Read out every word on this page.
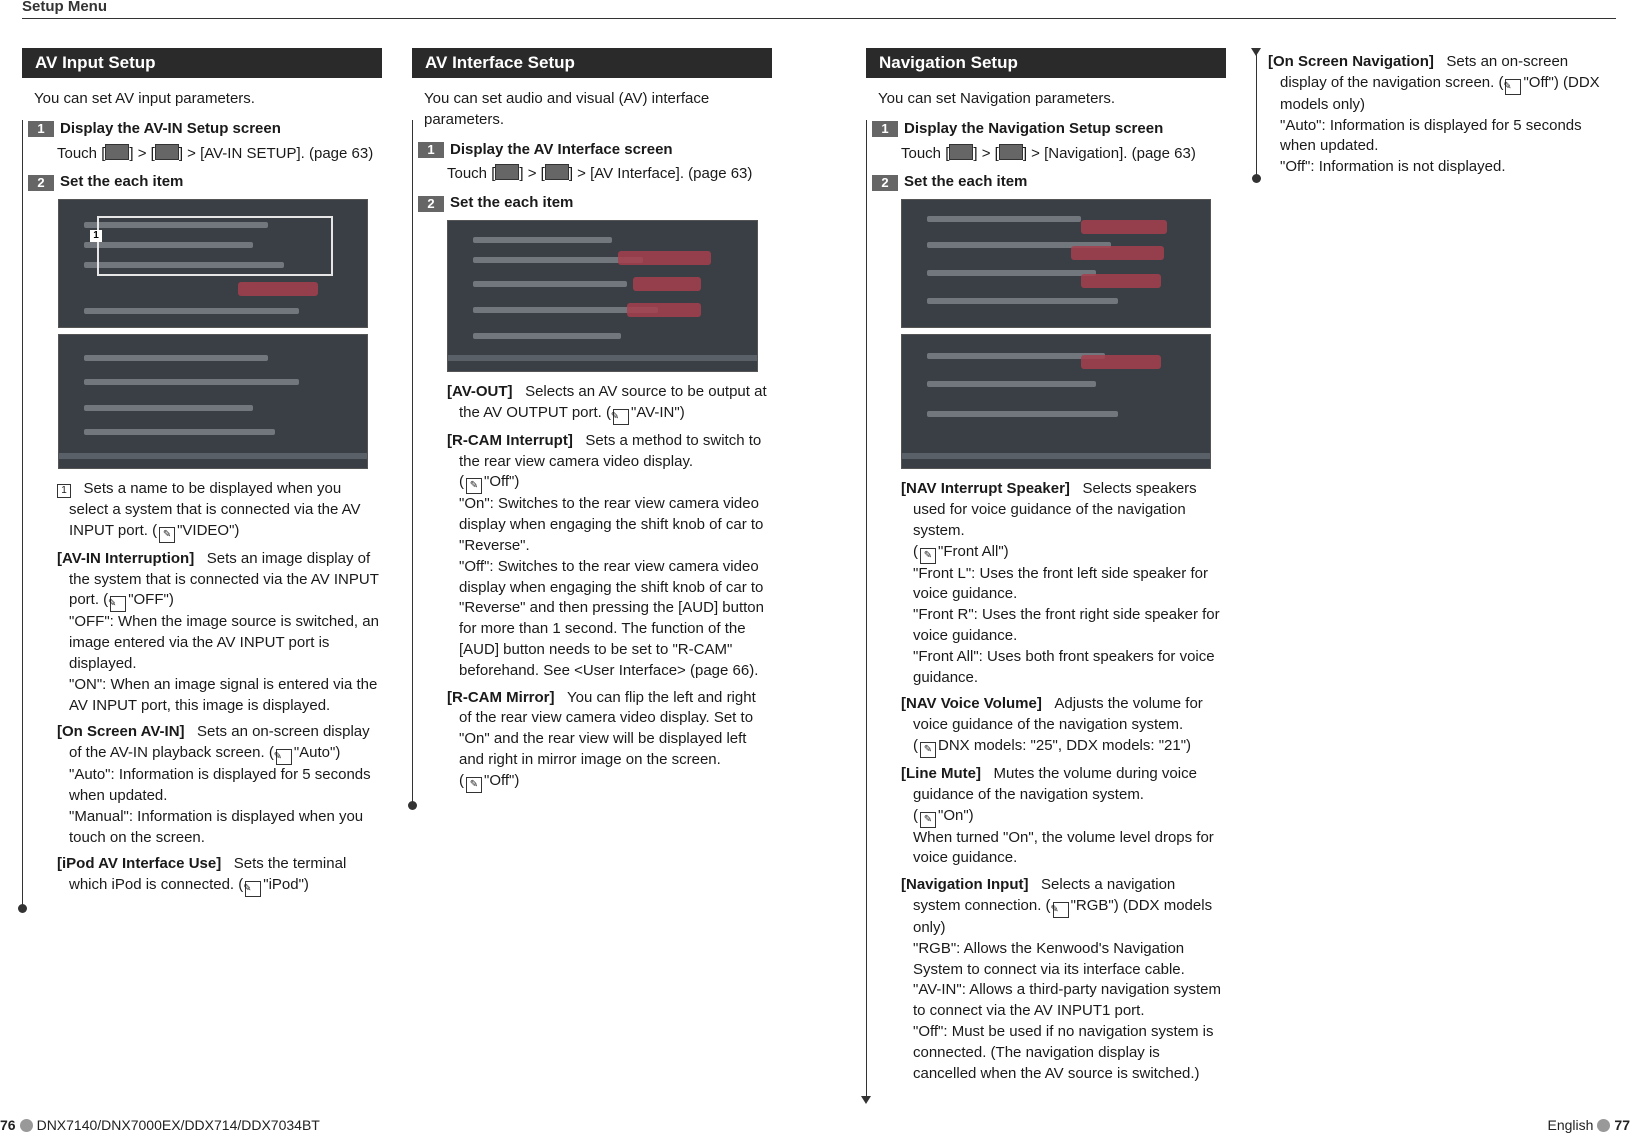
Setup Menu
AV Input Setup
You can set AV input parameters.
1	Display the AV-IN Setup screen
Touch [ ] > [ ] > [AV-IN SETUP]. (page 63)
2	Set the each item
1
1 Sets a name to be displayed when you select a system that is connected via the AV INPUT port. ( ✎ "VIDEO")
[AV-IN Interruption] Sets an image display of the system that is connected via the AV INPUT port. (✎ "OFF")
"OFF": When the image source is switched, an image entered via the AV INPUT port is displayed.
"ON": When an image signal is entered via the AV INPUT port, this image is displayed.
[On Screen AV-IN] Sets an on-screen display of the AV-IN playback screen. (✎ "Auto")
"Auto": Information is displayed for 5 seconds when updated.
"Manual": Information is displayed when you touch on the screen.
[iPod AV Interface Use] Sets the terminal which iPod is connected. (✎ "iPod")
AV Interface Setup
You can set audio and visual (AV) interface parameters.
1	Display the AV Interface screen
Touch [ ] > [ ] > [AV Interface]. (page 63)
2	Set the each item
[AV-OUT] Selects an AV source to be output at the AV OUTPUT port. (✎ "AV-IN")
[R-CAM Interrupt] Sets a method to switch to the rear view camera video display.
( ✎ "Off")
"On": Switches to the rear view camera video display when engaging the shift knob of car to "Reverse".
"Off": Switches to the rear view camera video display when engaging the shift knob of car to "Reverse" and then pressing the [AUD] button for more than 1 second. The function of the [AUD] button needs to be set to "R-CAM" beforehand. See <User Interface> (page 66).
[R-CAM Mirror] You can flip the left and right of the rear view camera video display. Set to "On" and the rear view will be displayed left and right in mirror image on the screen.
( ✎ "Off")
Navigation Setup
You can set Navigation parameters.
1	Display the Navigation Setup screen
Touch [ ] > [ ] > [Navigation]. (page 63)
2	Set the each item
[NAV Interrupt Speaker] Selects speakers used for voice guidance of the navigation system.
( ✎ "Front All")
"Front L": Uses the front left side speaker for voice guidance.
"Front R": Uses the front right side speaker for voice guidance.
"Front All": Uses both front speakers for voice guidance.
[NAV Voice Volume] Adjusts the volume for voice guidance of the navigation system.
( ✎ DNX models: "25", DDX models: "21")
[Line Mute] Mutes the volume during voice guidance of the navigation system.
( ✎ "On")
When turned "On", the volume level drops for voice guidance.
[Navigation Input] Selects a navigation system connection. (✎ "RGB") (DDX models only)
"RGB": Allows the Kenwood's Navigation System to connect via its interface cable.
"AV-IN": Allows a third-party navigation system to connect via the AV INPUT1 port.
"Off": Must be used if no navigation system is connected. (The navigation display is cancelled when the AV source is switched.)
[On Screen Navigation] Sets an on-screen display of the navigation screen. (✎ "Off") (DDX models only)
"Auto": Information is displayed for 5 seconds when updated.
"Off": Information is not displayed.
76 DNX7140/DNX7000EX/DDX714/DDX7034BT	English 77
